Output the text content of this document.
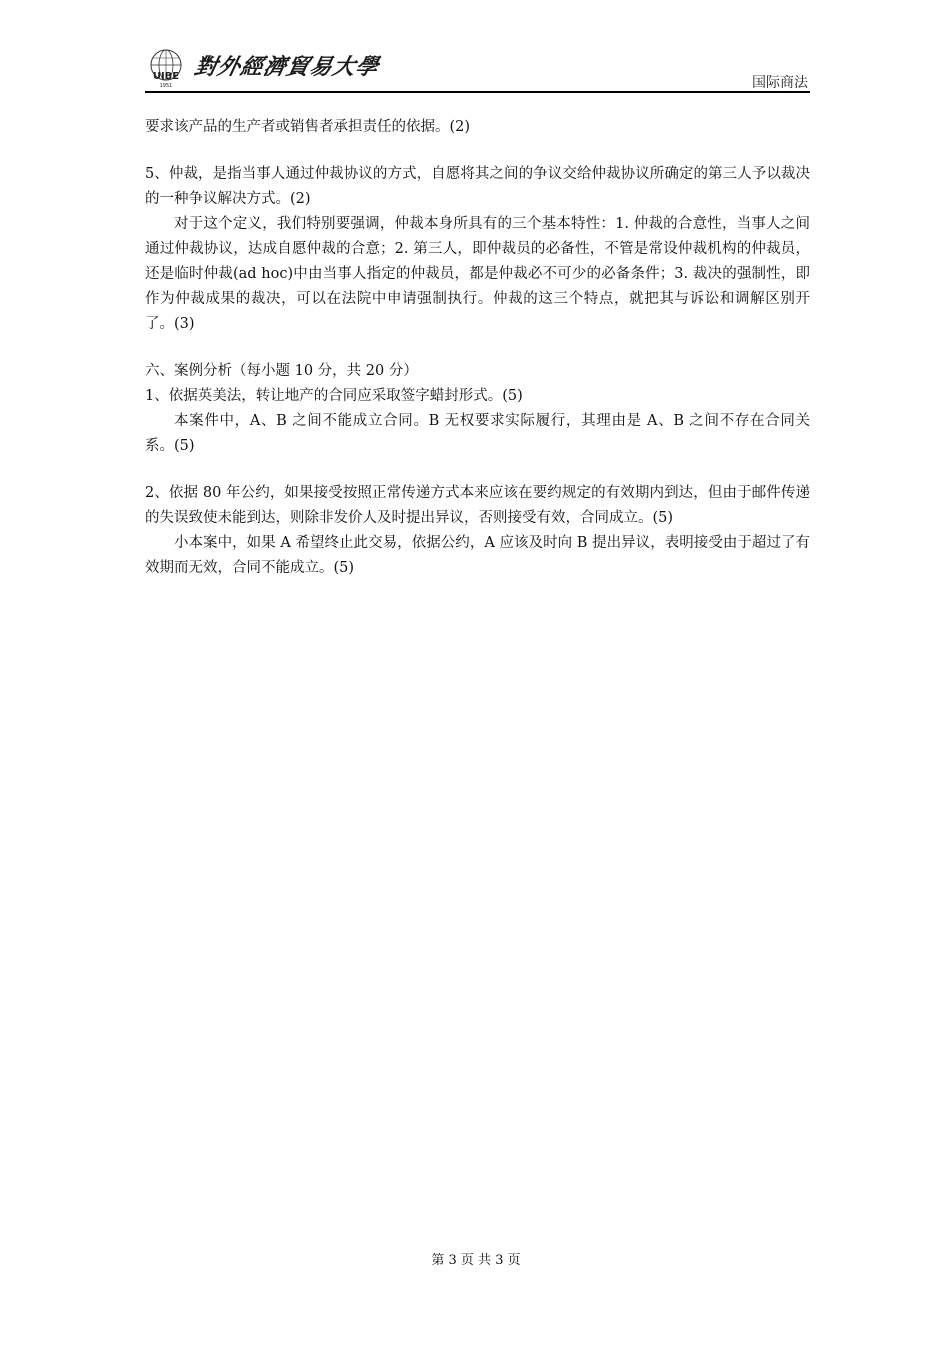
UIBE
1951
對外經濟貿易大學
国际商法

要求该产品的生产者或销售者承担责任的依据。(2)

5、仲裁，是指当事人通过仲裁协议的方式，自愿将其之间的争议交给仲裁协议所确定的第三人予以裁决的一种争议解决方式。(2)

对于这个定义，我们特别要强调，仲裁本身所具有的三个基本特性：1. 仲裁的合意性，当事人之间通过仲裁协议，达成自愿仲裁的合意；2. 第三人，即仲裁员的必备性，不管是常设仲裁机构的仲裁员，还是临时仲裁(ad hoc)中由当事人指定的仲裁员，都是仲裁必不可少的必备条件；3. 裁决的强制性，即作为仲裁成果的裁决，可以在法院中申请强制执行。仲裁的这三个特点，就把其与诉讼和调解区别开了。(3)

六、案例分析（每小题 10 分，共 20 分）

1、依据英美法，转让地产的合同应采取签字蜡封形式。(5)

本案件中，A、B 之间不能成立合同。B 无权要求实际履行，其理由是 A、B 之间不存在合同关系。(5)

2、依据 80 年公约，如果接受按照正常传递方式本来应该在要约规定的有效期内到达，但由于邮件传递的失误致使未能到达，则除非发价人及时提出异议，否则接受有效，合同成立。(5)

小本案中，如果 A 希望终止此交易，依据公约，A 应该及时向 B 提出异议，表明接受由于超过了有效期而无效，合同不能成立。(5)

第 3 页 共 3 页
